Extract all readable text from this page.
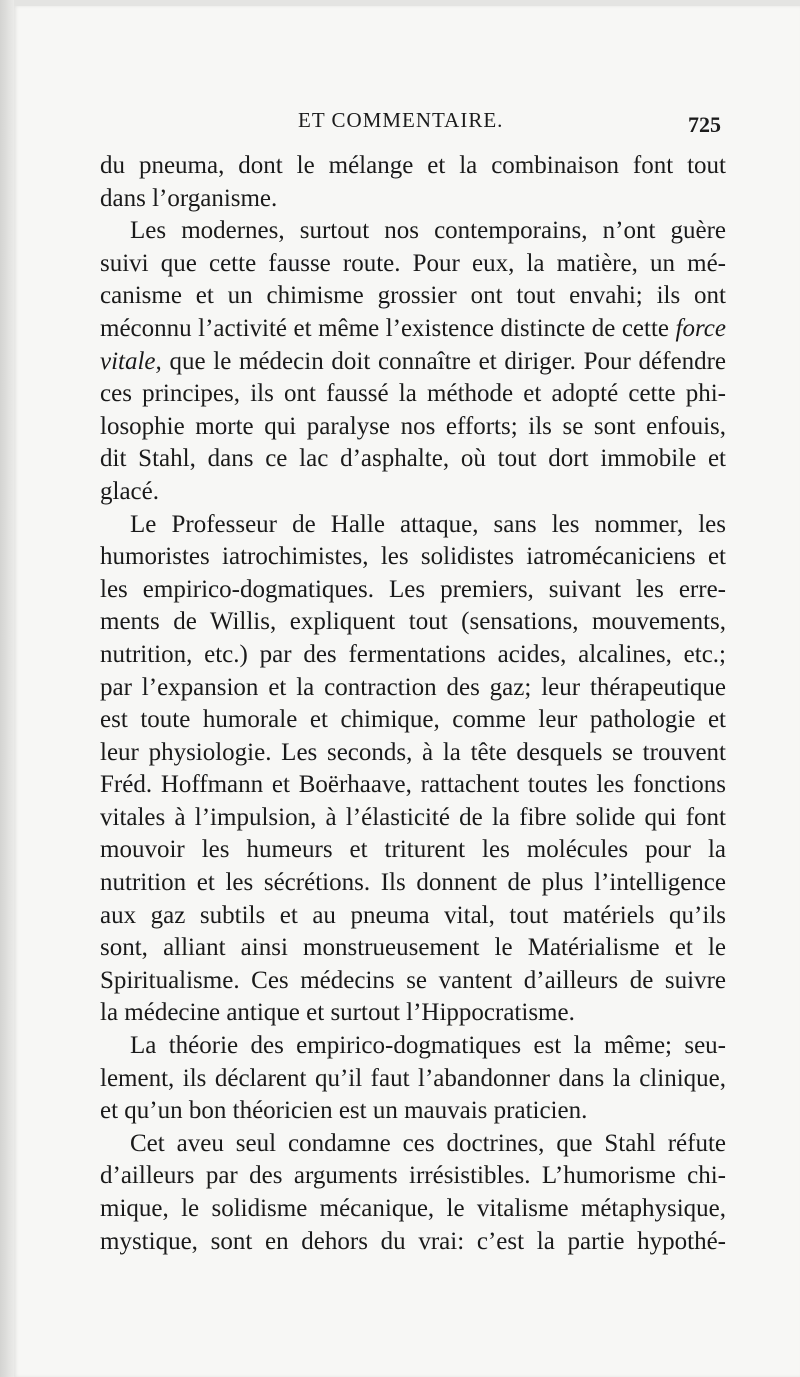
ET COMMENTAIRE.	725

du pneuma, dont le mélange et la combinaison font tout
dans l’organisme.
Les modernes, surtout nos contemporains, n’ont guère
suivi que cette fausse route. Pour eux, la matière, un mé-
canisme et un chimisme grossier ont tout envahi; ils ont
méconnu l’activité et même l’existence distincte de cette force
vitale, que le médecin doit connaître et diriger. Pour défendre
ces principes, ils ont faussé la méthode et adopté cette phi-
losophie morte qui paralyse nos efforts; ils se sont enfouis,
dit Stahl, dans ce lac d’asphalte, où tout dort immobile et
glacé.
Le Professeur de Halle attaque, sans les nommer, les
humoristes iatrochimistes, les solidistes iatromécaniciens et
les empirico-dogmatiques. Les premiers, suivant les erre-
ments de Willis, expliquent tout (sensations, mouvements,
nutrition, etc.) par des fermentations acides, alcalines, etc.;
par l’expansion et la contraction des gaz; leur thérapeutique
est toute humorale et chimique, comme leur pathologie et
leur physiologie. Les seconds, à la tête desquels se trouvent
Fréd. Hoffmann et Boërhaave, rattachent toutes les fonctions
vitales à l’impulsion, à l’élasticité de la fibre solide qui font
mouvoir les humeurs et triturent les molécules pour la
nutrition et les sécrétions. Ils donnent de plus l’intelligence
aux gaz subtils et au pneuma vital, tout matériels qu’ils
sont, alliant ainsi monstrueusement le Matérialisme et le
Spiritualisme. Ces médecins se vantent d’ailleurs de suivre
la médecine antique et surtout l’Hippocratisme.
La théorie des empirico-dogmatiques est la même; seu-
lement, ils déclarent qu’il faut l’abandonner dans la clinique,
et qu’un bon théoricien est un mauvais praticien.
Cet aveu seul condamne ces doctrines, que Stahl réfute
d’ailleurs par des arguments irrésistibles. L’humorisme chi-
mique, le solidisme mécanique, le vitalisme métaphysique,
mystique, sont en dehors du vrai: c’est la partie hypothé-
